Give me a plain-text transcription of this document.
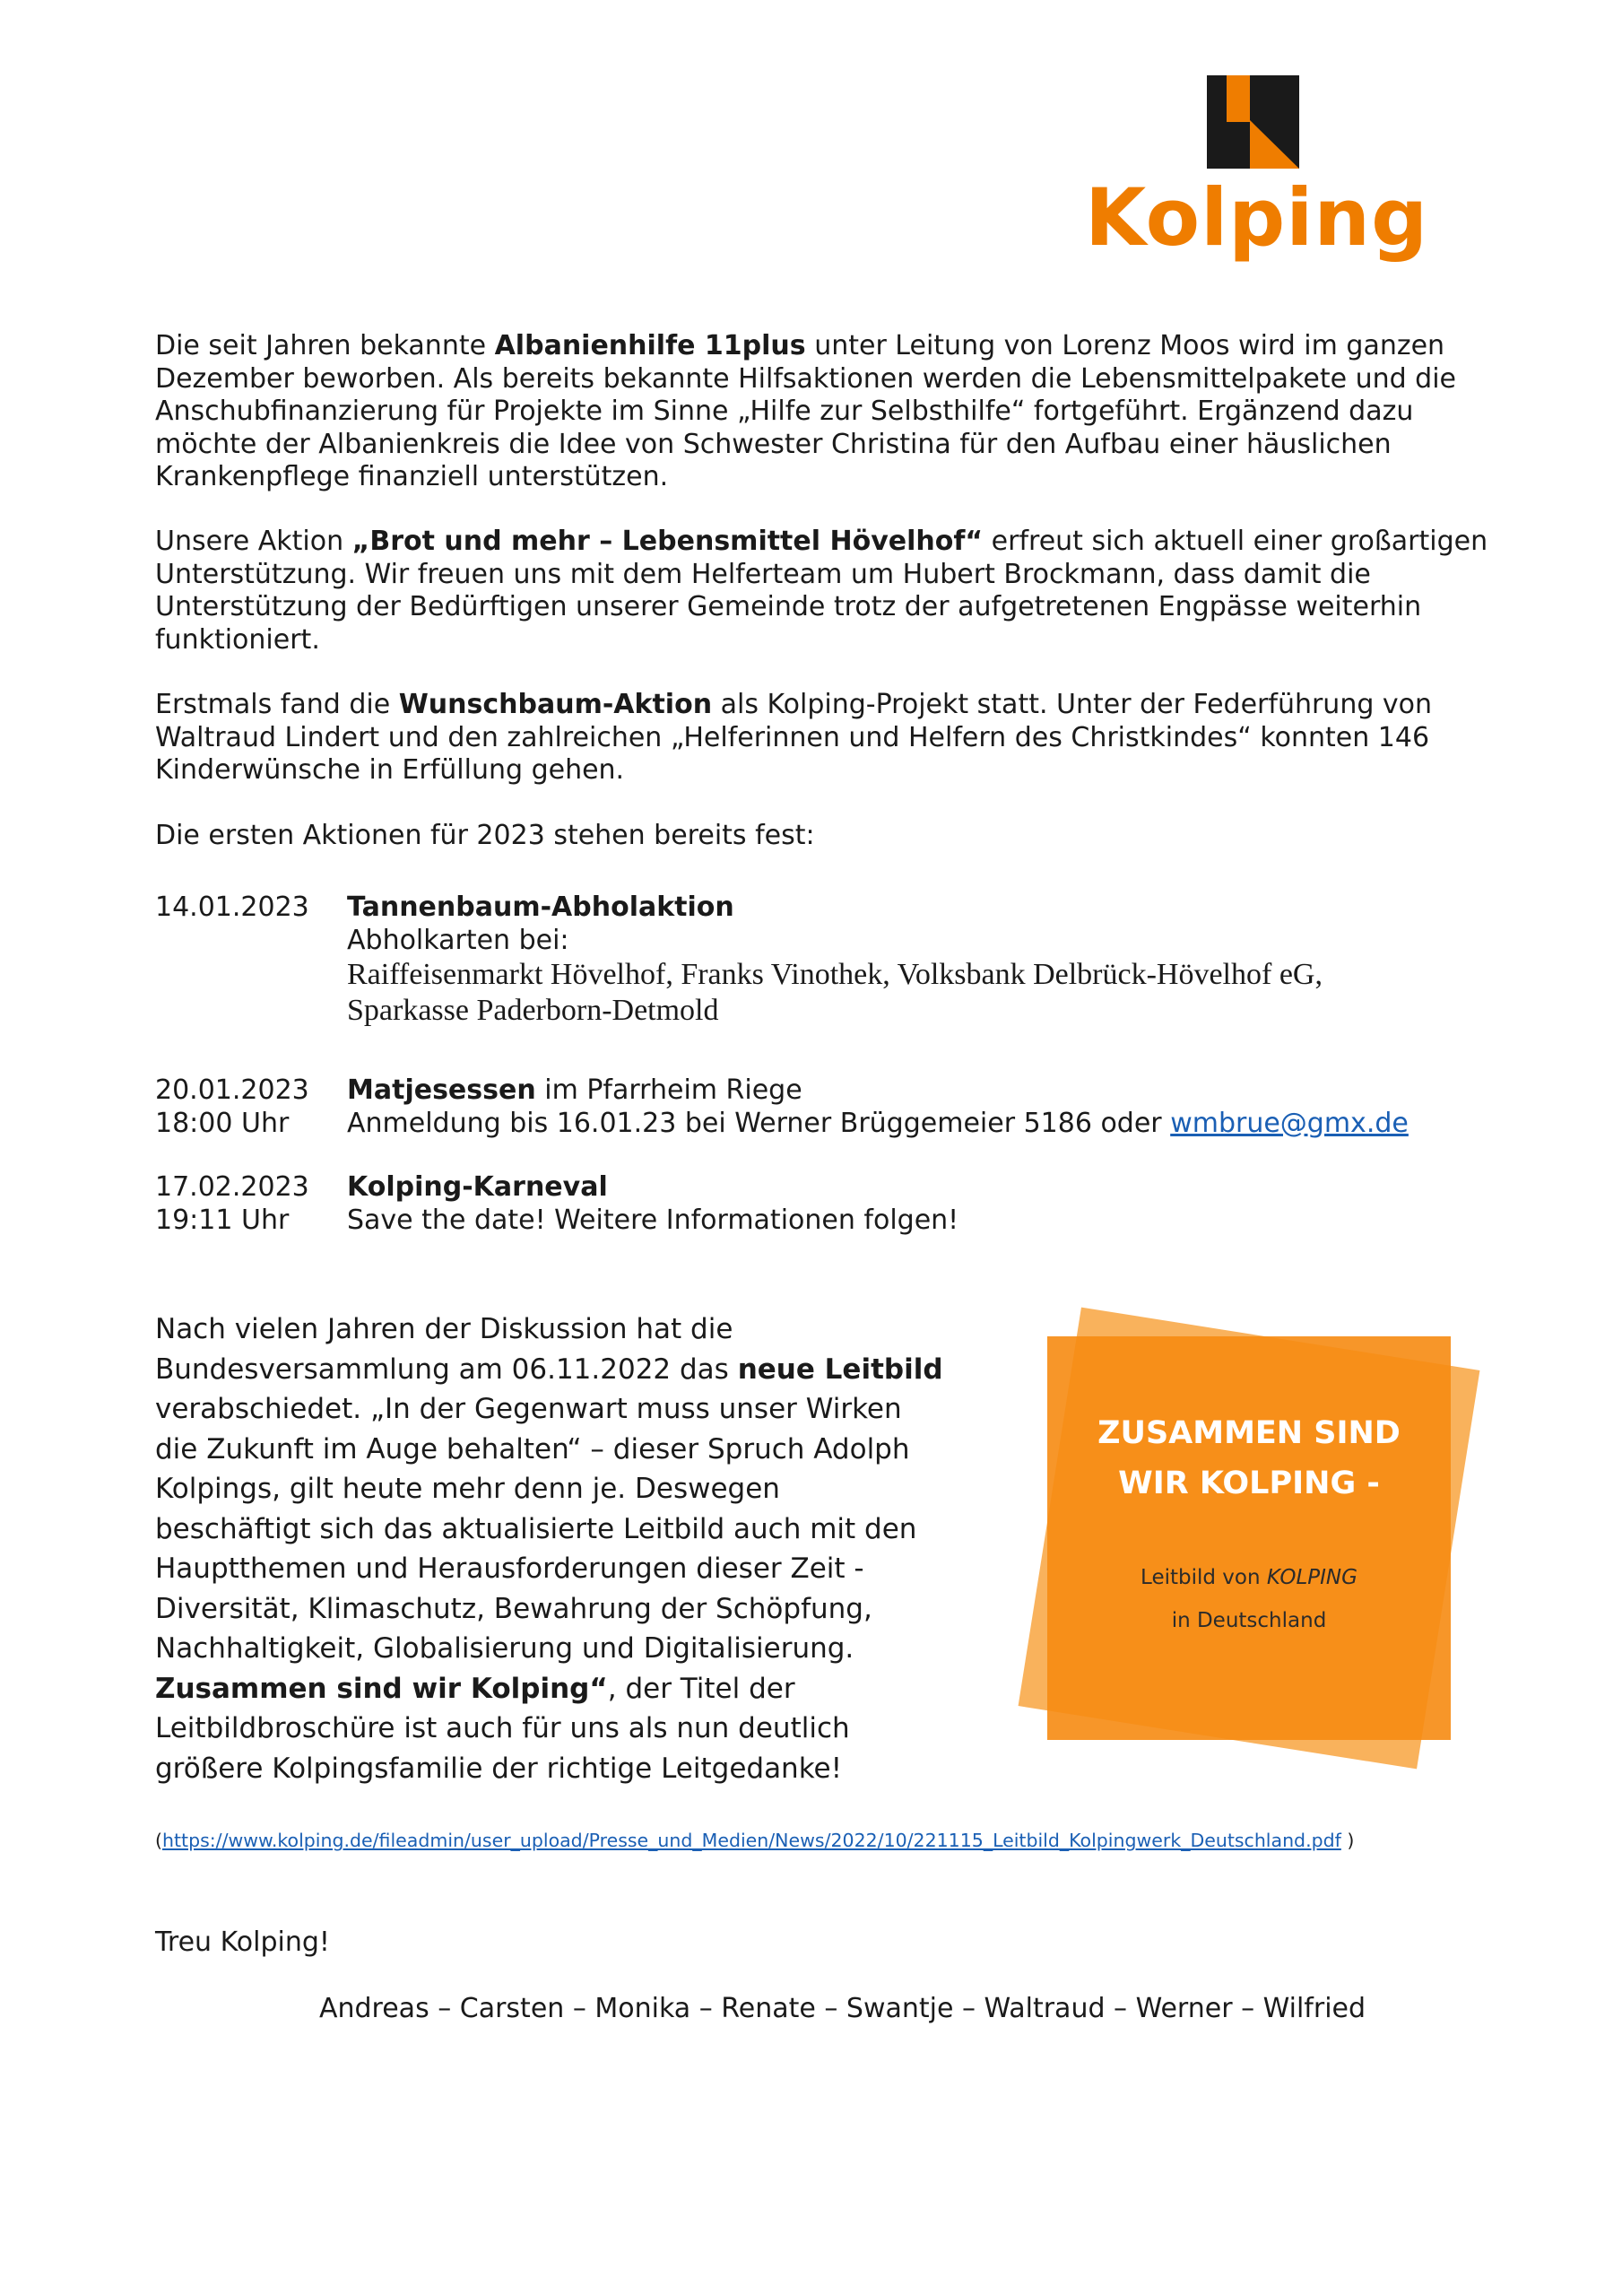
Kolping

Die seit Jahren bekannte Albanienhilfe 11plus unter Leitung von Lorenz Moos wird im ganzen Dezember beworben. Als bereits bekannte Hilfsaktionen werden die Lebensmittelpakete und die Anschubfinanzierung für Projekte im Sinne „Hilfe zur Selbsthilfe“ fortgeführt. Ergänzend dazu möchte der Albanienkreis die Idee von Schwester Christina für den Aufbau einer häuslichen Krankenpflege finanziell unterstützen.

Unsere Aktion „Brot und mehr – Lebensmittel Hövelhof“ erfreut sich aktuell einer großartigen Unterstützung. Wir freuen uns mit dem Helferteam um Hubert Brockmann, dass damit die Unterstützung der Bedürftigen unserer Gemeinde trotz der aufgetretenen Engpässe weiterhin funktioniert.

Erstmals fand die Wunschbaum-Aktion als Kolping-Projekt statt. Unter der Federführung von Waltraud Lindert und den zahlreichen „Helferinnen und Helfern des Christkindes“ konnten 146 Kinderwünsche in Erfüllung gehen.

Die ersten Aktionen für 2023 stehen bereits fest:

14.01.2023 Tannenbaum-Abholaktion
Abholkarten bei:
Raiffeisenmarkt Hövelhof, Franks Vinothek, Volksbank Delbrück-Hövelhof eG,
Sparkasse Paderborn-Detmold
20.01.2023
18:00 Uhr
Matjesessen im Pfarrheim Riege
Anmeldung bis 16.01.23 bei Werner Brüggemeier 5186 oder wmbrue@gmx.de
17.02.2023
19:11 Uhr
Kolping-Karneval
Save the date! Weitere Informationen folgen!

Nach vielen Jahren der Diskussion hat die Bundesversammlung am 06.11.2022 das neue Leitbild verabschiedet. „In der Gegenwart muss unser Wirken die Zukunft im Auge behalten“ – dieser Spruch Adolph Kolpings, gilt heute mehr denn je. Deswegen beschäftigt sich das aktualisierte Leitbild auch mit den Hauptthemen und Herausforderungen dieser Zeit - Diversität, Klimaschutz, Bewahrung der Schöpfung, Nachhaltigkeit, Globalisierung und Digitalisierung. Zusammen sind wir Kolping“, der Titel der Leitbildbroschüre ist auch für uns als nun deutlich größere Kolpingsfamilie der richtige Leitgedanke!

ZUSAMMEN SIND
WIR KOLPING -
Leitbild von KOLPING
in Deutschland
(https://www.kolping.de/fileadmin/user_upload/Presse_und_Medien/News/2022/10/221115_Leitbild_Kolpingwerk_Deutschland.pdf )
Treu Kolping!
Andreas – Carsten – Monika – Renate – Swantje – Waltraud – Werner – Wilfried
